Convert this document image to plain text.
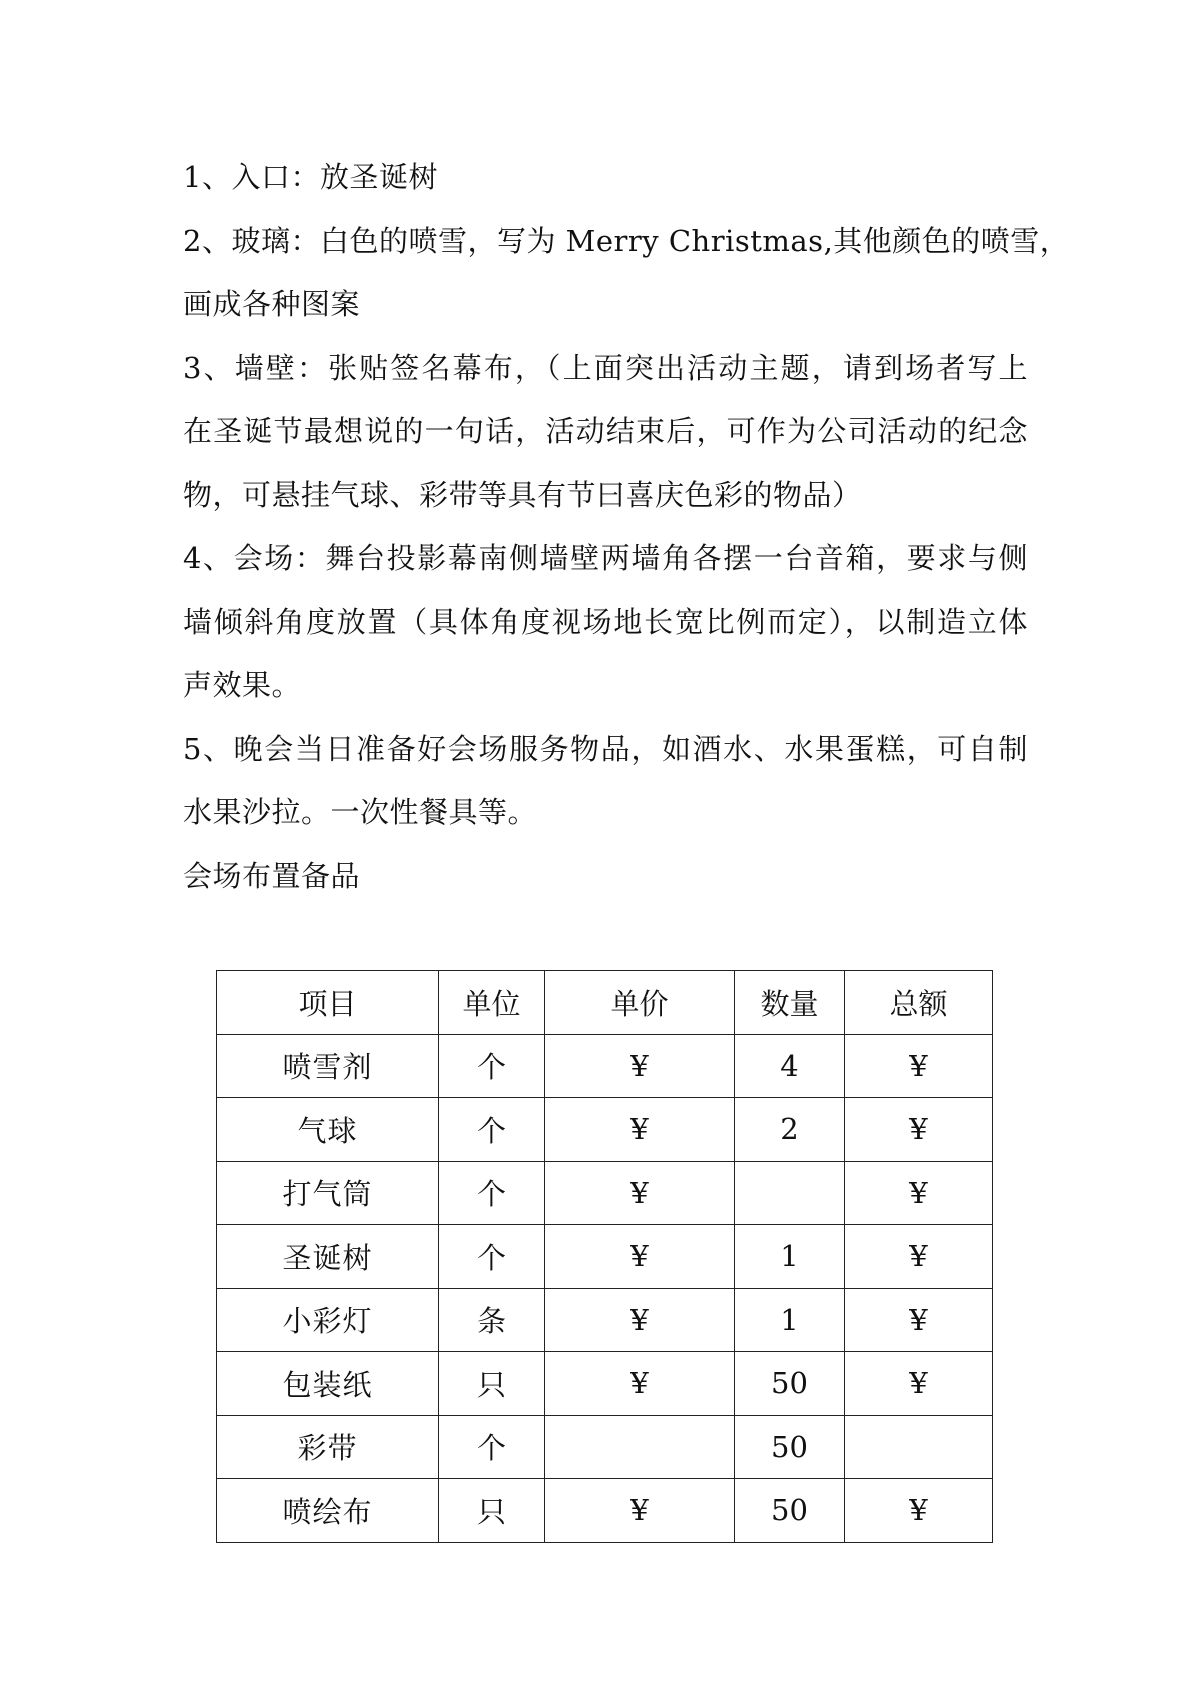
1、入口：放圣诞树
2、玻璃：白色的喷雪，写为 Merry Christmas,其他颜色的喷雪，
画成各种图案
3、墙壁：张贴签名幕布，（上面突出活动主题，请到场者写上
在圣诞节最想说的一句话，活动结束后，可作为公司活动的纪念
物，可悬挂气球、彩带等具有节曰喜庆色彩的物品）
4、会场：舞台投影幕南侧墙壁两墙角各摆一台音箱，要求与侧
墙倾斜角度放置（具体角度视场地长宽比例而定），以制造立体
声效果。
5、晚会当日准备好会场服务物品，如酒水、水果蛋糕，可自制
水果沙拉。一次性餐具等。
会场布置备品
项目	单位	单价	数量	总额
喷雪剂	个	¥	4	¥
气球	个	¥	2	¥
打气筒	个	¥		¥
圣诞树	个	¥	1	¥
小彩灯	条	¥	1	¥
包装纸	只	¥	50	¥
彩带	个		50	
喷绘布	只	¥	50	¥
